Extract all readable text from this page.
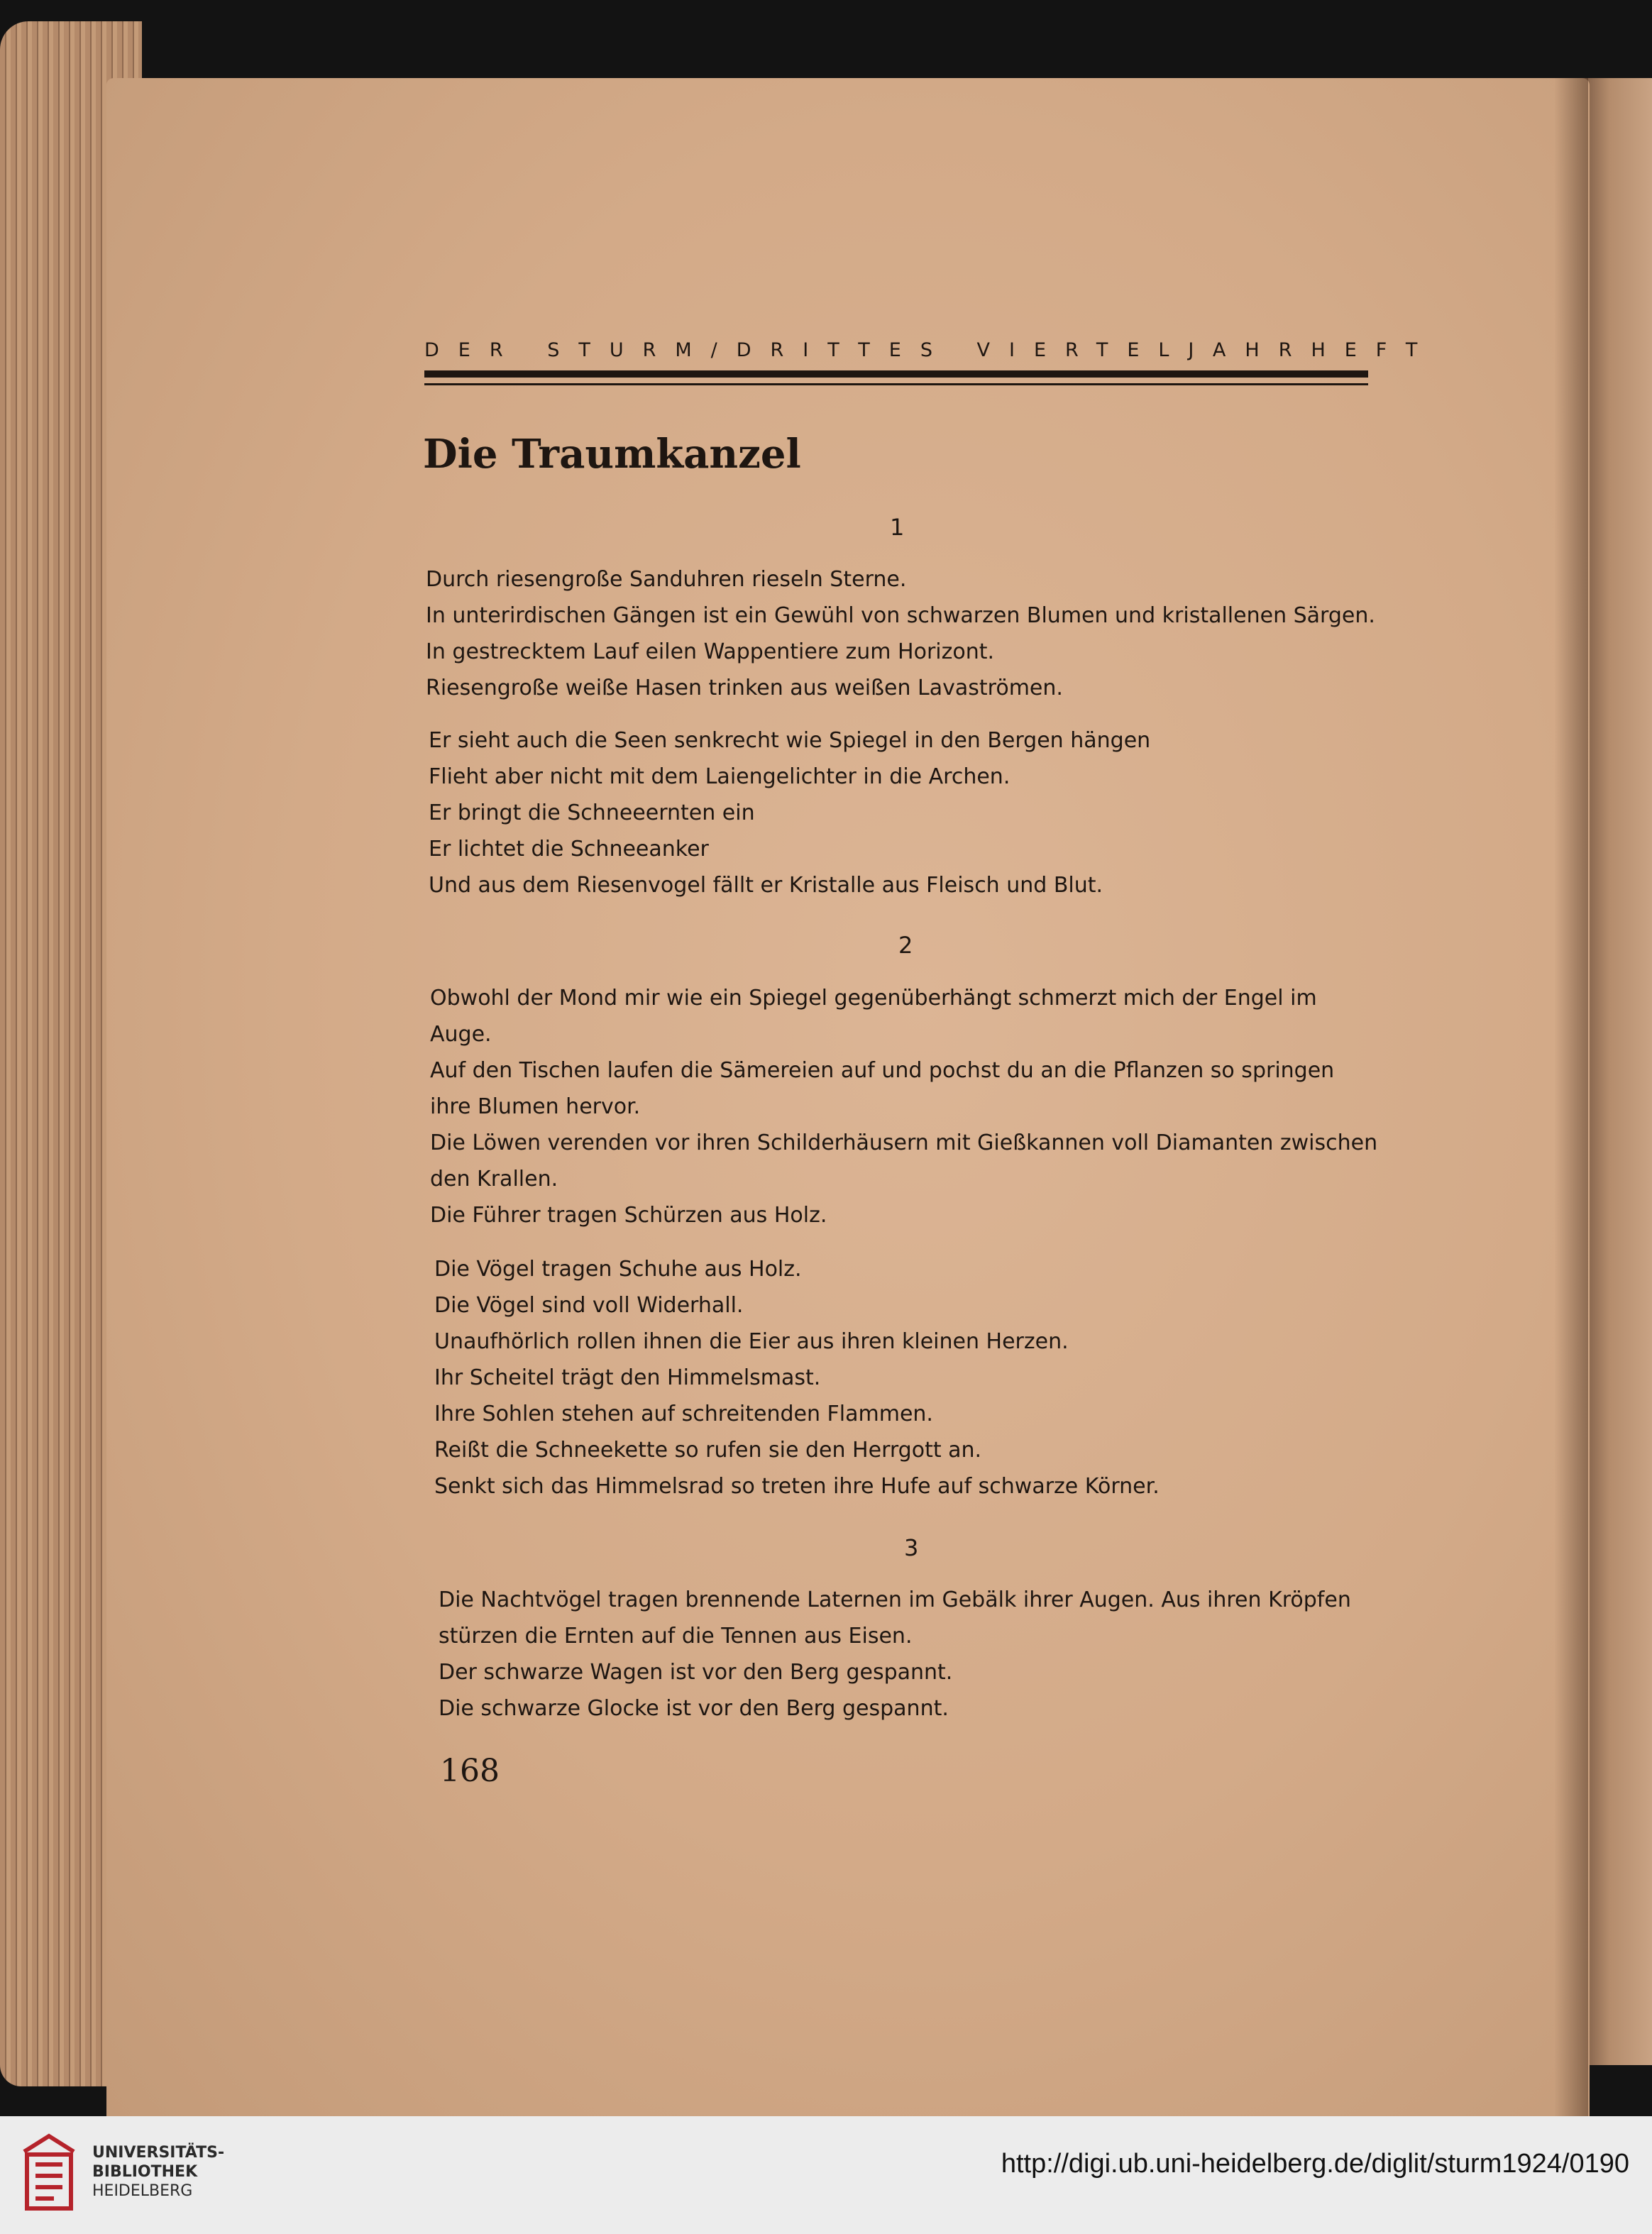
DER STURM/DRITTES VIERTELJAHRHEFT
Die Traumkanzel
1
Durch riesengroße Sanduhren rieseln Sterne.
In unterirdischen Gängen ist ein Gewühl von schwarzen Blumen und kristallenen Särgen.
In gestrecktem Lauf eilen Wappentiere zum Horizont.
Riesengroße weiße Hasen trinken aus weißen Lavaströmen.
Er sieht auch die Seen senkrecht wie Spiegel in den Bergen hängen
Flieht aber nicht mit dem Laiengelichter in die Archen.
Er bringt die Schneeernten ein
Er lichtet die Schneeanker
Und aus dem Riesenvogel fällt er Kristalle aus Fleisch und Blut.
2
Obwohl der Mond mir wie ein Spiegel gegenüberhängt schmerzt mich der Engel im
Auge.
Auf den Tischen laufen die Sämereien auf und pochst du an die Pflanzen so springen
ihre Blumen hervor.
Die Löwen verenden vor ihren Schilderhäusern mit Gießkannen voll Diamanten zwischen
den Krallen.
Die Führer tragen Schürzen aus Holz.
Die Vögel tragen Schuhe aus Holz.
Die Vögel sind voll Widerhall.
Unaufhörlich rollen ihnen die Eier aus ihren kleinen Herzen.
Ihr Scheitel trägt den Himmelsmast.
Ihre Sohlen stehen auf schreitenden Flammen.
Reißt die Schneekette so rufen sie den Herrgott an.
Senkt sich das Himmelsrad so treten ihre Hufe auf schwarze Körner.
3
Die Nachtvögel tragen brennende Laternen im Gebälk ihrer Augen. Aus ihren Kröpfen
stürzen die Ernten auf die Tennen aus Eisen.
Der schwarze Wagen ist vor den Berg gespannt.
Die schwarze Glocke ist vor den Berg gespannt.
168
UNIVERSITÄTS-
BIBLIOTHEK
HEIDELBERG
http://digi.ub.uni-heidelberg.de/diglit/sturm1924/0190
